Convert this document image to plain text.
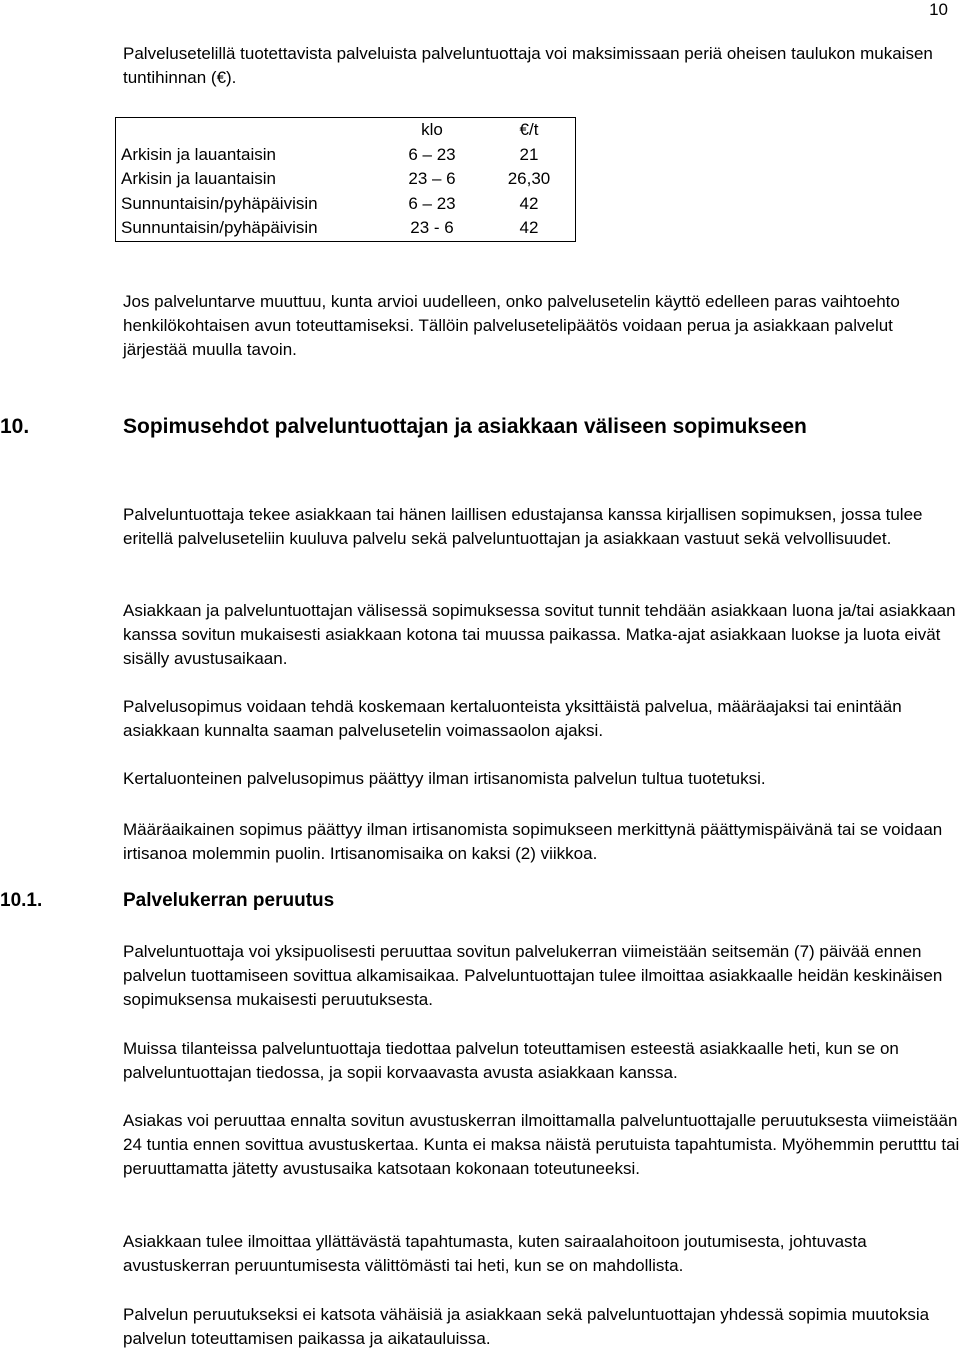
10

Palvelusetelillä tuotettavista palveluista palveluntuottaja voi maksimissaan periä oheisen taulukon mukaisen tuntihinnan (€).

	klo	€/t
Arkisin ja lauantaisin	6 – 23	21
Arkisin ja lauantaisin	23 – 6	26,30
Sunnuntaisin/pyhäpäivisin	6 – 23	42
Sunnuntaisin/pyhäpäivisin	23 - 6	42

Jos palveluntarve muuttuu, kunta arvioi uudelleen, onko palvelusetelin käyttö edelleen paras vaihtoehto henkilökohtaisen avun toteuttamiseksi. Tällöin palvelusetelipäätös voidaan perua ja asiakkaan palvelut järjestää muulla tavoin.

10.	Sopimusehdot palveluntuottajan ja asiakkaan väliseen sopimukseen

Palveluntuottaja tekee asiakkaan tai hänen laillisen edustajansa kanssa kirjallisen sopimuksen, jossa tulee eritellä palveluseteliin kuuluva palvelu sekä palveluntuottajan ja asiakkaan vastuut sekä velvollisuudet.

Asiakkaan ja palveluntuottajan välisessä sopimuksessa sovitut tunnit tehdään asiakkaan luona ja/tai asiakkaan kanssa sovitun mukaisesti asiakkaan kotona tai muussa paikassa. Matka-ajat asiakkaan luokse ja luota eivät sisälly avustusaikaan.

Palvelusopimus voidaan tehdä koskemaan kertaluonteista yksittäistä palvelua, määräajaksi tai enintään asiakkaan kunnalta saaman palvelusetelin voimassaolon ajaksi.

Kertaluonteinen palvelusopimus päättyy ilman irtisanomista palvelun tultua tuotetuksi.

Määräaikainen sopimus päättyy ilman irtisanomista sopimukseen merkittynä päättymispäivänä tai se voidaan irtisanoa molemmin puolin. Irtisanomisaika on kaksi (2) viikkoa.

10.1.	Palvelukerran peruutus

Palveluntuottaja voi yksipuolisesti peruuttaa sovitun palvelukerran viimeistään seitsemän (7) päivää ennen palvelun tuottamiseen sovittua alkamisaikaa. Palveluntuottajan tulee ilmoittaa asiakkaalle heidän keskinäisen sopimuksensa mukaisesti peruutuksesta.

Muissa tilanteissa palveluntuottaja tiedottaa palvelun toteuttamisen esteestä asiakkaalle heti, kun se on palveluntuottajan tiedossa, ja sopii korvaavasta avusta asiakkaan kanssa.

Asiakas voi peruuttaa ennalta sovitun avustuskerran ilmoittamalla palveluntuottajalle peruutuksesta viimeistään 24 tuntia ennen sovittua avustuskertaa. Kunta ei maksa näistä perutuista tapahtumista. Myöhemmin perutttu tai peruuttamatta jätetty avustusaika katsotaan kokonaan toteutuneeksi.

Asiakkaan tulee ilmoittaa yllättävästä tapahtumasta, kuten sairaalahoitoon joutumisesta, johtuvasta avustuskerran peruuntumisesta välittömästi tai heti, kun se on mahdollista.

Palvelun peruutukseksi ei katsota vähäisiä ja asiakkaan sekä palveluntuottajan yhdessä sopimia muutoksia palvelun toteuttamisen paikassa ja aikatauluissa.
